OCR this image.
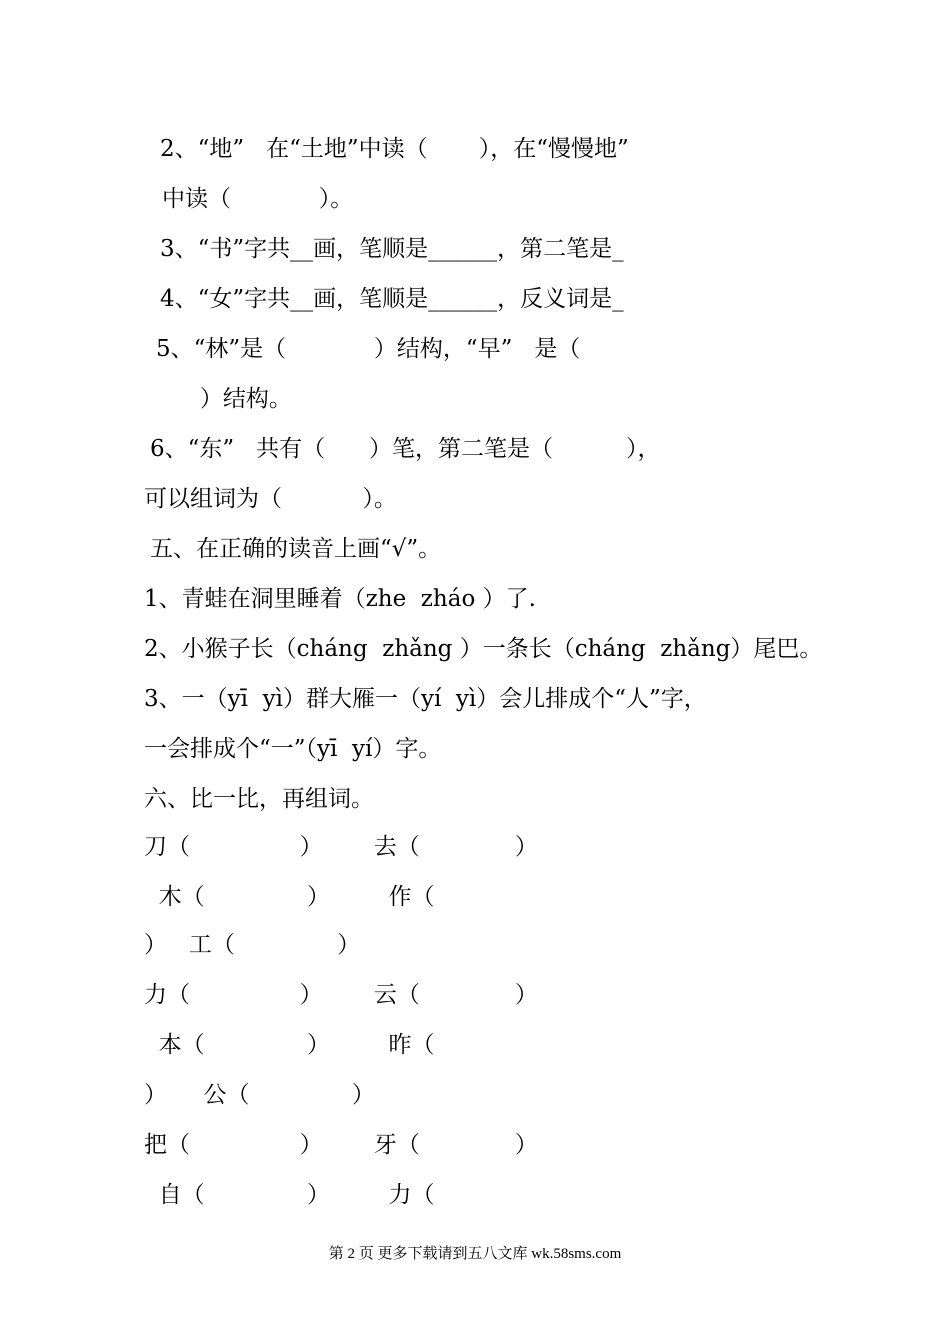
2、“地”   在“土地”中读（       ），在“慢慢地”
中读（            ）。
3、“书”字共__画，笔顺是______，第二笔是_
4、“女”字共__画，笔顺是______，反义词是_
5、“林”是（            ）结构，“早”   是（
）结构。
6、“东”   共有（      ）笔，第二笔是（          ），
可以组词为（           ）。
五、在正确的读音上画“√”。
1、青蛙在洞里睡着（zhe  zháo ）了.
2、小猴子长（cháng  zhǎng ）一条长（cháng  zhǎng）尾巴。
3、一（yī  yì）群大雁一（yí  yì）会儿排成个“人”字，
一会排成个“一”（yī  yí）字。
六、比一比，再组词。
刀（               ）       去（             ）
木（              ）        作（
）   工（              ）
力（               ）       云（             ）
本（              ）        昨（
）     公（              ）
把（               ）       牙（             ）
自（              ）        力（
第 2 页 更多下载请到五八文库 wk.58sms.com
